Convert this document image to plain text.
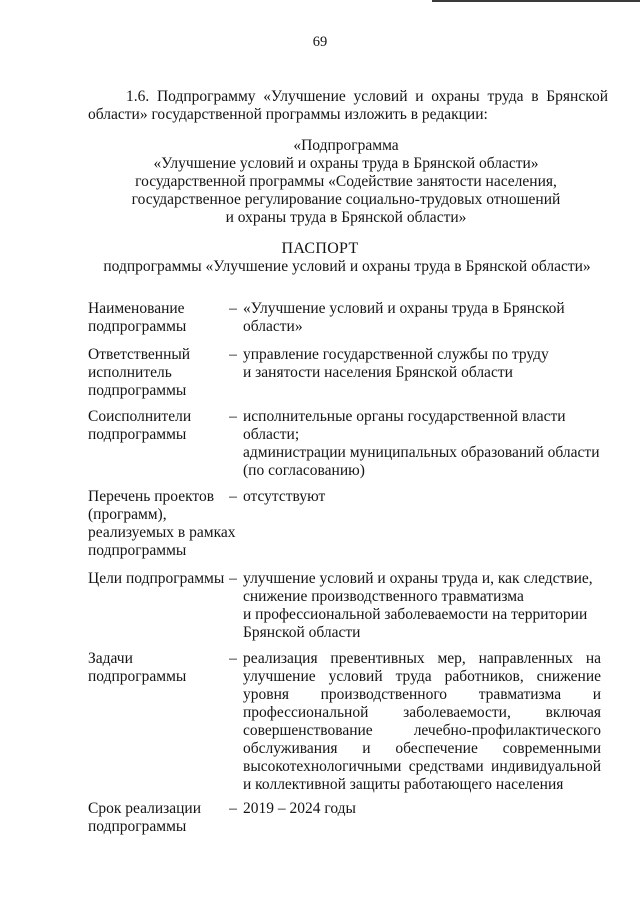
69
1.6. Подпрограмму «Улучшение условий и охраны труда в Брянской области» государственной программы изложить в редакции:
«Подпрограмма
«Улучшение условий и охраны труда в Брянской области»
государственной программы «Содействие занятости населения,
государственное регулирование социально-трудовых отношений
и охраны труда в Брянской области»
ПАСПОРТ
подпрограммы «Улучшение условий и охраны труда в Брянской области»
Наименование
подпрограммы
– «Улучшение условий и охраны труда в Брянской
области»
Ответственный
исполнитель
подпрограммы
– управление государственной службы по труду
и занятости населения Брянской области
Соисполнители
подпрограммы
– исполнительные органы государственной власти
области;
администрации муниципальных образований области
(по согласованию)
Перечень проектов
(программ),
реализуемых в рамках
подпрограммы
– отсутствуют
Цели подпрограммы – улучшение условий и охраны труда и, как следствие,
снижение производственного травматизма
и профессиональной заболеваемости на территории
Брянской области
Задачи
подпрограммы
– реализация превентивных мер, направленных на улучшение условий труда работников, снижение уровня производственного травматизма и профессиональной заболеваемости, включая совершенствование лечебно-профилактического обслуживания и обеспечение современными высокотехнологичными средствами индивидуальной и коллективной защиты работающего населения
Срок реализации
подпрограммы
– 2019 – 2024 годы
